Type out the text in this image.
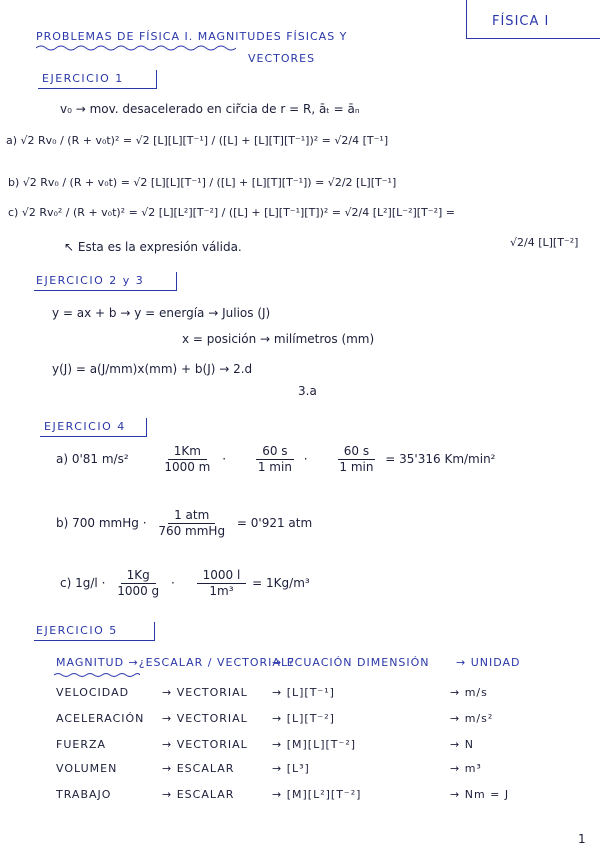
PROBLEMAS DE FÍSICA I. MAGNITUDES FÍSICAS Y
VECTORES
FÍSICA I
EJERCICIO 1
v₀ → mov. desacelerado en cir̃cia de r = R, āₜ = āₙ
a) √2 Rv₀ / (R + v₀t)² = √2 [L][L][T⁻¹] / ([L] + [L][T][T⁻¹])² = √2/4 [T⁻¹]
b) √2 Rv₀ / (R + v₀t) = √2 [L][L][T⁻¹] / ([L] + [L][T][T⁻¹]) = √2/2 [L][T⁻¹]
c) √2 Rv₀² / (R + v₀t)² = √2 [L][L²][T⁻²] / ([L] + [L][T⁻¹][T])² = √2/4 [L²][L⁻²][T⁻²] =
√2/4 [L][T⁻²]
↖ Esta es la expresión válida.
EJERCICIO 2 y 3
y = ax + b → y = energía → Julios (J)
x = posición → milímetros (mm)
y(J) = a(J/mm)x(mm) + b(J) → 2.d
3.a
EJERCICIO 4
a) 0'81 $m/s^2 \frac{1Km}{1000 m} \cdot \frac{60 s}{1 \min} \cdot \frac{60 s}{1 \min} = 35'316$ Km/min²
b) 700 mmHg · $\frac{\text{1 atm}}{\text{760 mmHg}} = 0'921$ atm
c) $1g/l \cdot \frac{1Kg}{1000 g} \cdot \frac{1000 l}{\text{1m³}} = 1Kg/m^3$
EJERCICIO 5
MAGNITUD →¿ESCALAR / VECTORIAL?
→ ECUACIÓN DIMENSIÓN → UNIDAD
VELOCIDAD	→ VECTORIAL → [L][T⁻¹]	→ m/s
ACELERACIÓN → VECTORIAL → [L][T⁻²]	→ m/s²
FUERZA	→ VECTORIAL → [M][L][T⁻²]	→ N
VOLUMEN	→ ESCALAR	→ [L³]	→ m³
TRABAJO	→ ESCALAR	→ [M][L²][T⁻²]	→ Nm = J
1
